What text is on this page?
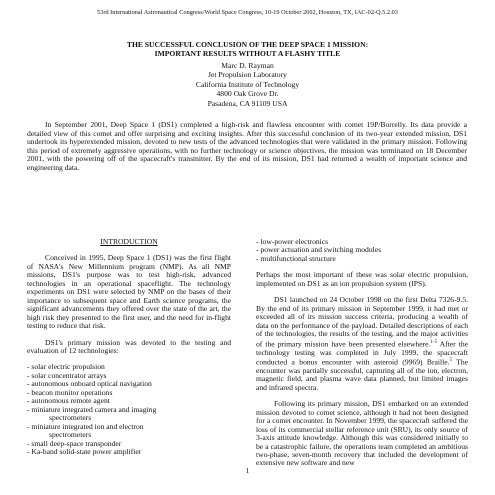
53rd International Astronautical Congress/World Space Congress, 10-19 October 2002, Houston, TX, IAC-02-Q.5.2.03
THE SUCCESSFUL CONCLUSION OF THE DEEP SPACE 1 MISSION:
IMPORTANT RESULTS WITHOUT A FLASHY TITLE
Marc D. Rayman
Jet Propulsion Laboratory
California Institute of Technology
4800 Oak Grove Dr.
Pasadena, CA 91109 USA

In September 2001, Deep Space 1 (DS1) completed a high-risk and flawless encounter with comet 19P/Borrelly. Its data provide a detailed view of this comet and offer surprising and exciting insights. After this successful conclusion of its two-year extended mission, DS1 undertook its hyperextended mission, devoted to new tests of the advanced technologies that were validated in the primary mission. Following this period of extremely aggressive operations, with no further technology or science objectives, the mission was terminated on 18 December 2001, with the powering off of the spacecraft's transmitter. By the end of its mission, DS1 had returned a wealth of important science and engineering data.

INTRODUCTION

Conceived in 1995, Deep Space 1 (DS1) was the first flight of NASA's New Millennium program (NMP). As all NMP missions, DS1's purpose was to test high-risk, advanced technologies in an operational spaceflight. The technology experiments on DS1 were selected by NMP on the bases of their importance to subsequent space and Earth science programs, the significant advancements they offered over the state of the art, the high risk they presented to the first user, and the need for in-flight testing to reduce that risk.

DS1's primary mission was devoted to the testing and evaluation of 12 technologies:

- solar electric propulsion
- solar concentrator arrays
- autonomous onboard optical navigation
- beacon monitor operations
- autonomous remote agent
- miniature integrated camera and imaging
spectrometers
- miniature integrated ion and electron
spectrometers
- small deep-space transponder
- Ka-band solid-state power amplifier
- low-power electronics
- power actuation and switching modules
- multifunctional structure

Perhaps the most important of these was solar electric propulsion, implemented on DS1 as an ion propulsion system (IPS).

DS1 launched on 24 October 1998 on the first Delta 7326-9.5. By the end of its primary mission in September 1999, it had met or exceeded all of its mission success criteria, producing a wealth of data on the performance of the payload. Detailed descriptions of each of the technologies, the results of the testing, and the major activities of the primary mission have been presented elsewhere.$^{1-5}$ After the technology testing was completed in July 1999, the spacecraft conducted a bonus encounter with asteroid (9969) Braille.$^5$ The encounter was partially successful, capturing all of the ion, electron, magnetic field, and plasma wave data planned, but limited images and infrared spectra.

Following its primary mission, DS1 embarked on an extended mission devoted to comet science, although it had not been designed for a comet encounter. In November 1999, the spacecraft suffered the loss of its commercial stellar reference unit (SRU), its only source of 3-axis attitude knowledge. Although this was considered initially to be a catastrophic failure, the operations team completed an ambitious two-phase, seven-month recovery that included the development of extensive new software and new

1
